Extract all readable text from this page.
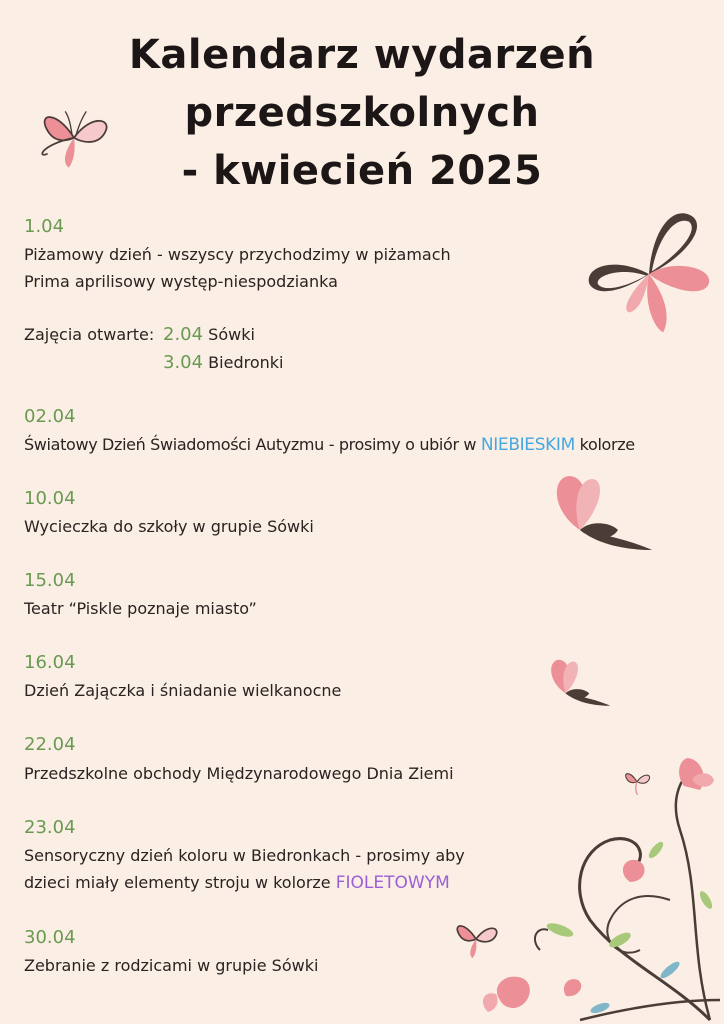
Kalendarz wydarzeń
przedszkolnych
- kwiecień 2025
1.04
Piżamowy dzień - wszyscy przychodzimy w piżamach
Prima aprilisowy występ-niespodzianka
Zajęcia otwarte: 2.04 Sówki
3.04 Biedronki
02.04
Światowy Dzień Świadomości Autyzmu - prosimy o ubiór w NIEBIESKIM kolorze
10.04
Wycieczka do szkoły w grupie Sówki
15.04
Teatr “Piskle poznaje miasto”
16.04
Dzień Zajączka i śniadanie wielkanocne
22.04
Przedszkolne obchody Międzynarodowego Dnia Ziemi
23.04
Sensoryczny dzień koloru w Biedronkach - prosimy aby
dzieci miały elementy stroju w kolorze FIOLETOWYM
30.04
Zebranie z rodzicami w grupie Sówki
